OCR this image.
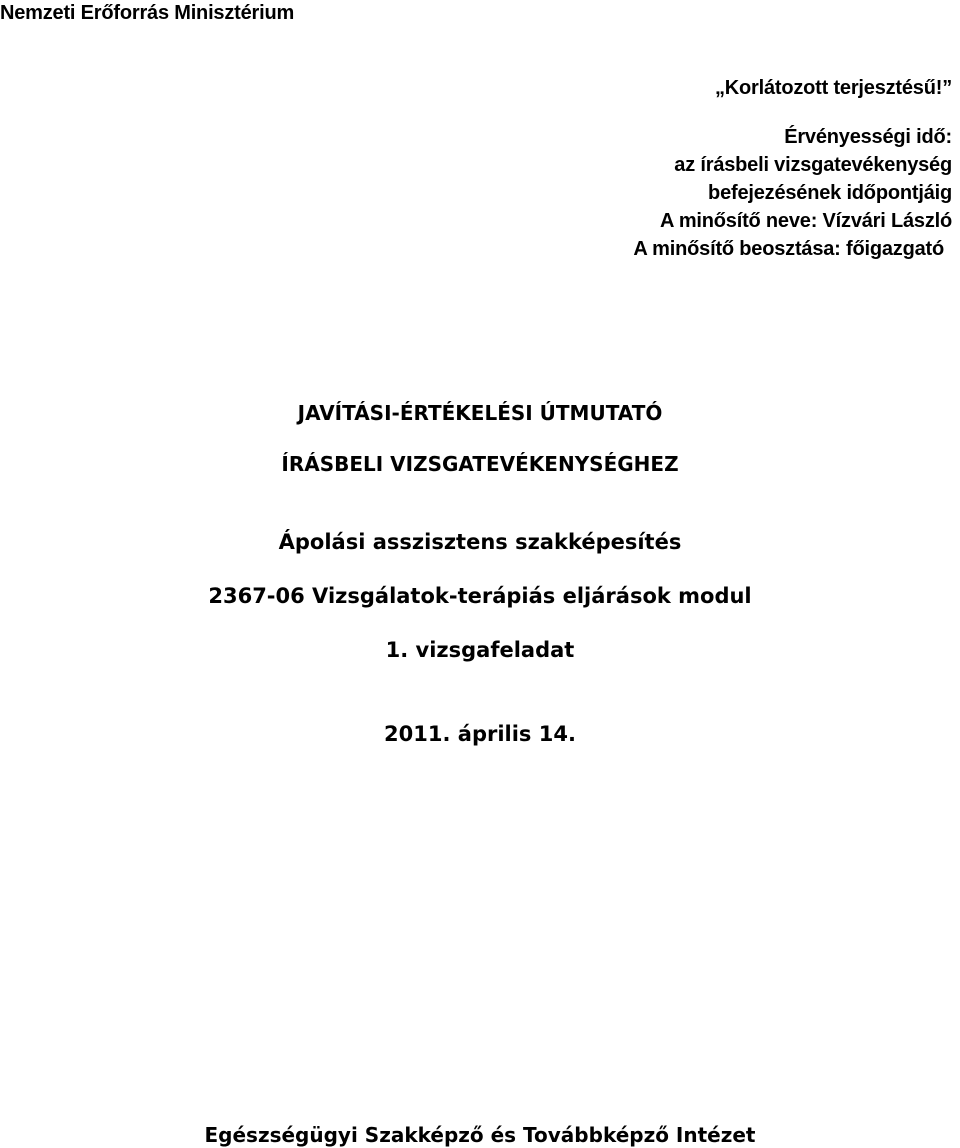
Nemzeti Erőforrás Minisztérium
„Korlátozott terjesztésű!”
Érvényességi idő:
az írásbeli vizsgatevékenység
befejezésének időpontjáig
A minősítő neve: Vízvári László
A minősítő beosztása: főigazgató
JAVÍTÁSI-ÉRTÉKELÉSI ÚTMUTATÓ
ÍRÁSBELI VIZSGATEVÉKENYSÉGHEZ
Ápolási asszisztens szakképesítés
2367-06 Vizsgálatok-terápiás eljárások modul
1. vizsgafeladat
2011. április 14.
Egészségügyi Szakképző és Továbbképző Intézet
